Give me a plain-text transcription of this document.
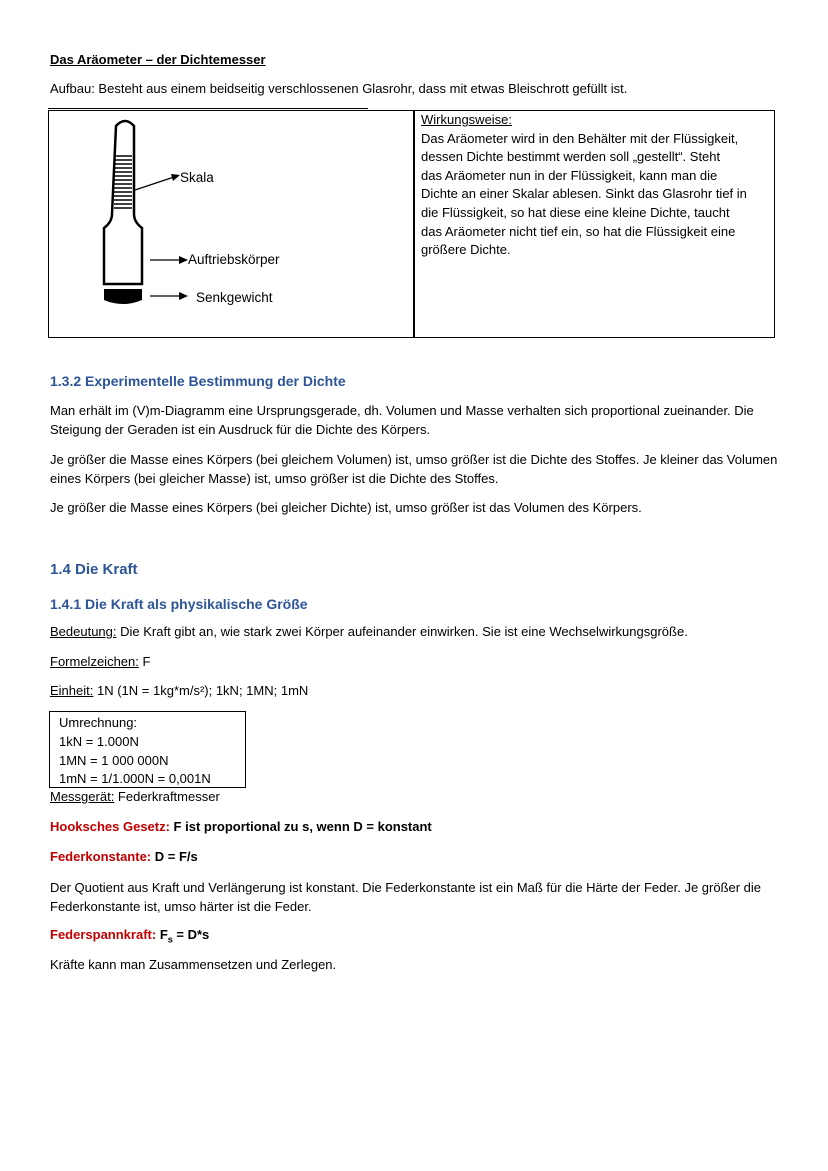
Das Aräometer – der Dichtemesser
Aufbau: Besteht aus einem beidseitig verschlossenen Glasrohr, dass mit etwas Bleischrott gefüllt ist.
Skala
Auftriebskörper
Senkgewicht
Wirkungsweise:
Das Aräometer wird in den Behälter mit der Flüssigkeit,
dessen Dichte bestimmt werden soll „gestellt“. Steht
das Aräometer nun in der Flüssigkeit, kann man die
Dichte an einer Skalar ablesen. Sinkt das Glasrohr tief in
die Flüssigkeit, so hat diese eine kleine Dichte, taucht
das Aräometer nicht tief ein, so hat die Flüssigkeit eine
größere Dichte.
1.3.2 Experimentelle Bestimmung der Dichte
Man erhält im (V)m-Diagramm eine Ursprungsgerade, dh. Volumen und Masse verhalten sich proportional zueinander. Die Steigung der Geraden ist ein Ausdruck für die Dichte des Körpers.
Je größer die Masse eines Körpers (bei gleichem Volumen) ist, umso größer ist die Dichte des Stoffes. Je kleiner das Volumen eines Körpers (bei gleicher Masse) ist, umso größer ist die Dichte des Stoffes.
Je größer die Masse eines Körpers (bei gleicher Dichte) ist, umso größer ist das Volumen des Körpers.
1.4 Die Kraft
1.4.1 Die Kraft als physikalische Größe
Bedeutung: Die Kraft gibt an, wie stark zwei Körper aufeinander einwirken. Sie ist eine Wechselwirkungsgröße.
Formelzeichen: F
Einheit: 1N (1N = 1kg*m/s²); 1kN; 1MN; 1mN
Umrechnung:
1kN = 1.000N
1MN = 1 000 000N
1mN = 1/1.000N = 0,001N
Messgerät: Federkraftmesser
Hooksches Gesetz: F ist proportional zu s, wenn D = konstant
Federkonstante: D = F/s
Der Quotient aus Kraft und Verlängerung ist konstant. Die Federkonstante ist ein Maß für die Härte der Feder. Je größer die Federkonstante ist, umso härter ist die Feder.
Federspannkraft: $F_s = D*s$
Kräfte kann man Zusammensetzen und Zerlegen.
